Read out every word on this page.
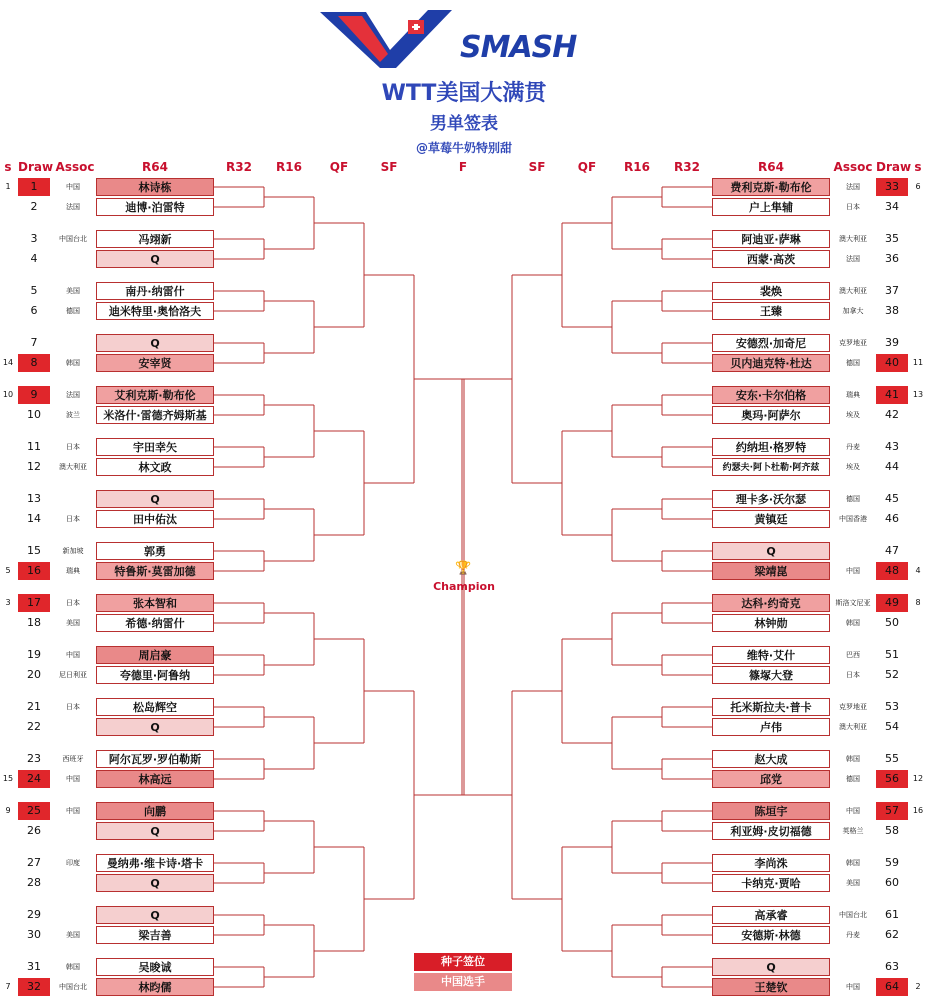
SMASH
WTT美国大满贯
男单签表
@草莓牛奶特别甜
s Draw Assoc	R64	R32	R16	QF	SF	F	SF	QF	R16	R32	R64	Assoc Draw s
1	1	中国	林诗栋
2	法国	迪博·泊雷特
3	中国台北	冯翊新
4	Q
5	美国	南丹·纳雷什
6	德国	迪米特里·奥恰洛夫
7	Q
14	8	韩国	安宰贤
10	9	法国	艾利克斯·勒布伦
10	波兰	米洛什·雷德齐姆斯基
11	日本	宇田幸矢
12	澳大利亚	林文政
13	Q
14	日本	田中佑汰
15	新加坡	郭勇
5	16	瑞典	特鲁斯·莫雷加德
3	17	日本	张本智和
18	美国	希德·纳雷什
19	中国	周启豪
20	尼日利亚	夸德里·阿鲁纳
21	日本	松岛辉空
22	Q
23	西班牙	阿尔瓦罗·罗伯勒斯
15	24	中国	林高远
9	25	中国	向鹏
26	Q
27	印度	曼纳弗·维卡诗·塔卡
28	Q
29	Q
30	美国	梁吉善
31	韩国	吴晙诚
7	32	中国台北	林昀儒
费利克斯·勒布伦	法国	33	6
户上隼辅	日本	34
阿迪亚·萨琳	澳大利亚	35
西蒙·高茨	法国	36
裴焕	澳大利亚	37
王臻	加拿大	38
安德烈·加奇尼	克罗地亚	39
贝内迪克特·杜达	德国	40	11
安东·卡尔伯格	瑞典	41	13
奥玛·阿萨尔	埃及	42
约纳坦·格罗特	丹麦	43
约瑟夫·阿卜杜勒·阿齐兹	埃及	44
理卡多·沃尔瑟	德国	45
黄镇廷	中国香港	46
Q	47
梁靖崑	中国	48	4
达科·约奇克	斯洛文尼亚	49	8
林钟勋	韩国	50
维特·艾什	巴西	51
篠塚大登	日本	52
托米斯拉夫·普卡	克罗地亚	53
卢伟	澳大利亚	54
赵大成	韩国	55
邱党	德国	56	12
陈垣宇	中国	57	16
利亚姆·皮切福德	英格兰	58
李尚洙	韩国	59
卡纳克·贾哈	美国	60
高承睿	中国台北	61
安德斯·林德	丹麦	62
Q	63
王楚钦	中国	64	2
🏆
Champion
种子签位
中国选手
